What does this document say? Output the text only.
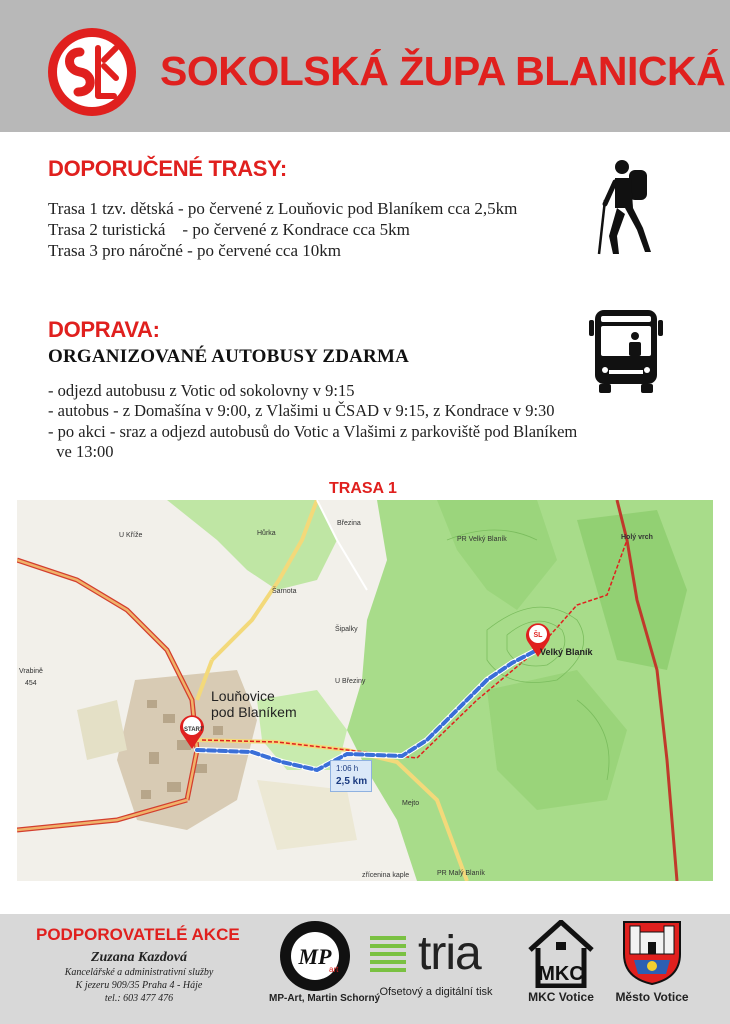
SOKOLSKÁ ŽUPA BLANICKÁ
DOPORUČENÉ TRASY:
Trasa 1 tzv. dětská - po červené z Louňovic pod Blaníkem cca 2,5km
Trasa 2 turistická    - po červené z Kondrace cca 5km
Trasa 3 pro náročné - po červené cca 10km
DOPRAVA:
ORGANIZOVANÉ AUTOBUSY ZDARMA
- odjezd autobusu z Votic od sokolovny v 9:15
- autobus - z Domašína v 9:00, z Vlašimi u ČSAD v 9:15, z Kondrace v 9:30
- po akci - sraz a odjezd autobusů do Votic a Vlašimi z parkoviště pod Blaníkem
ve 13:00
TRASA 1
Hůrka
Březina
U Kříže
Šarnota
Šipalky
U Březiny
Holý vrch
PR Velký Blaník
Mejto
PR Malý Blaník
Vrabině
454
zřícenina kaple
Louňovice
pod Blaníkem
START
ŠL
Velký Blaník
1:06 h
2,5 km
PODPOROVATELÉ AKCE
Zuzana Kazdová
Kancelářské a administrativní služby
K jezeru 909/35 Praha 4 - Háje
tel.: 603 477 476
MP
art
MP-Art, Martin Schorný
tria
Ofsetový a digitální tisk
MKC
MKC Votice	Město Votice
